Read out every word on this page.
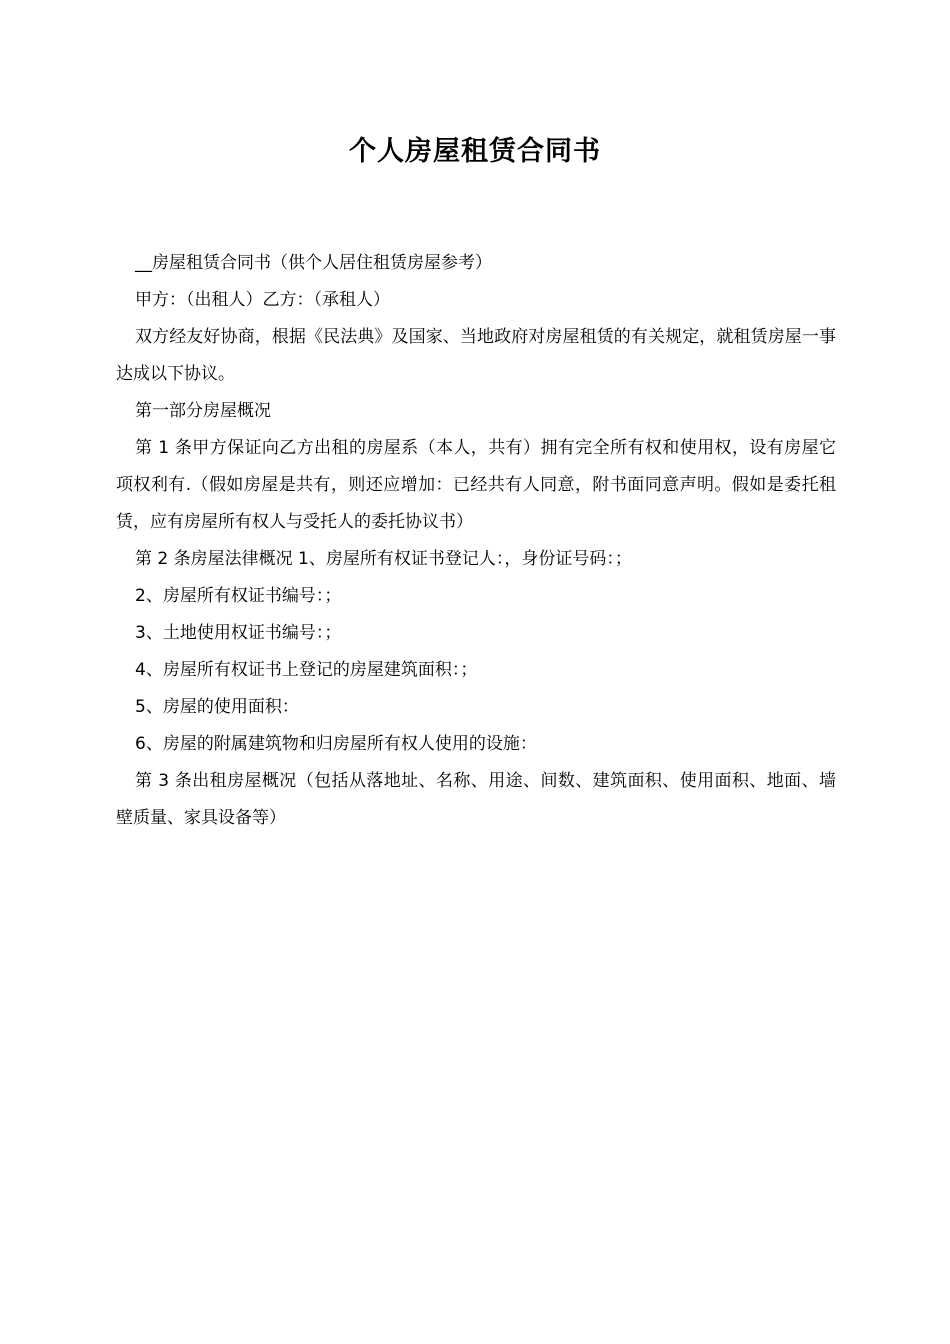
个人房屋租赁合同书

__房屋租赁合同书（供个人居住租赁房屋参考）

甲方：（出租人）乙方：（承租人）

双方经友好协商，根据《民法典》及国家、当地政府对房屋租赁的有关规定，就租赁房屋一事达成以下协议。

第一部分房屋概况

第 1 条甲方保证向乙方出租的房屋系（本人，共有）拥有完全所有权和使用权，设有房屋它项权利有.（假如房屋是共有，则还应增加：已经共有人同意，附书面同意声明。假如是委托租赁，应有房屋所有权人与受托人的委托协议书）

第 2 条房屋法律概况 1、房屋所有权证书登记人：，身份证号码：；

2、房屋所有权证书编号：；

3、土地使用权证书编号：；

4、房屋所有权证书上登记的房屋建筑面积：；

5、房屋的使用面积：

6、房屋的附属建筑物和归房屋所有权人使用的设施：

第 3 条出租房屋概况（包括从落地址、名称、用途、间数、建筑面积、使用面积、地面、墙壁质量、家具设备等）
